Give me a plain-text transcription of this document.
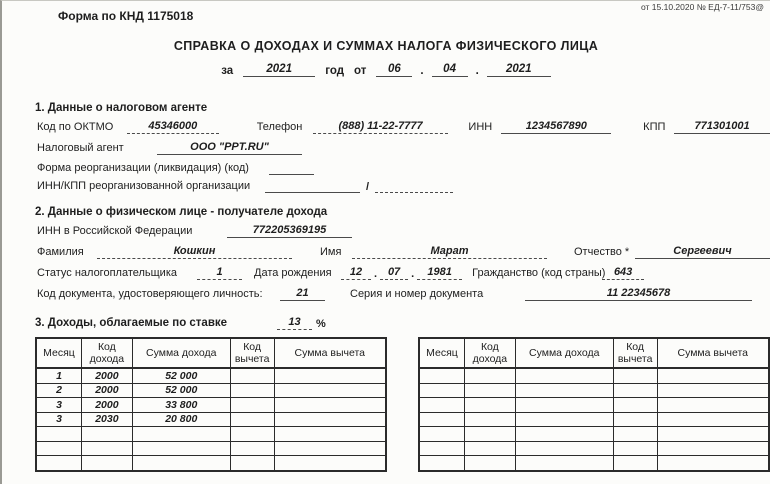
Форма по КНД 1175018
от 15.10.2020 № ЕД-7-11/753@
СПРАВКА О ДОХОДАХ И СУММАХ НАЛОГА ФИЗИЧЕСКОГО ЛИЦА
за	2021	год от	06	.	04	.	2021
1. Данные о налоговом агенте
Код по ОКТМО	45346000	Телефон	(888) 11-22-7777	ИНН	1234567890	КПП	771301001
Налоговый агент	ООО "PPT.RU"
Форма реорганизации (ликвидация) (код)
ИНН/КПП реорганизованной организации	/
2. Данные о физическом лице - получателе дохода
ИНН в Российской Федерации	772205369195
Фамилия	Кошкин	Имя	Марат	Отчество *	Сергеевич
Статус налогоплательщика	1	Дата рождения	12	. 07 .	1981	Гражданство (код страны) 643
Код документа, удостоверяющего личность:	21	Серия и номер документа	11 22345678
3. Доходы, облагаемые по ставке	13	%
Месяц	Код дохода	Сумма дохода	Код вычета	Сумма вычета
1	2000	52 000		
2	2000	52 000		
3	2000	33 800		
3	2030	20 800		

Месяц	Код дохода	Сумма дохода	Код вычета	Сумма вычета
